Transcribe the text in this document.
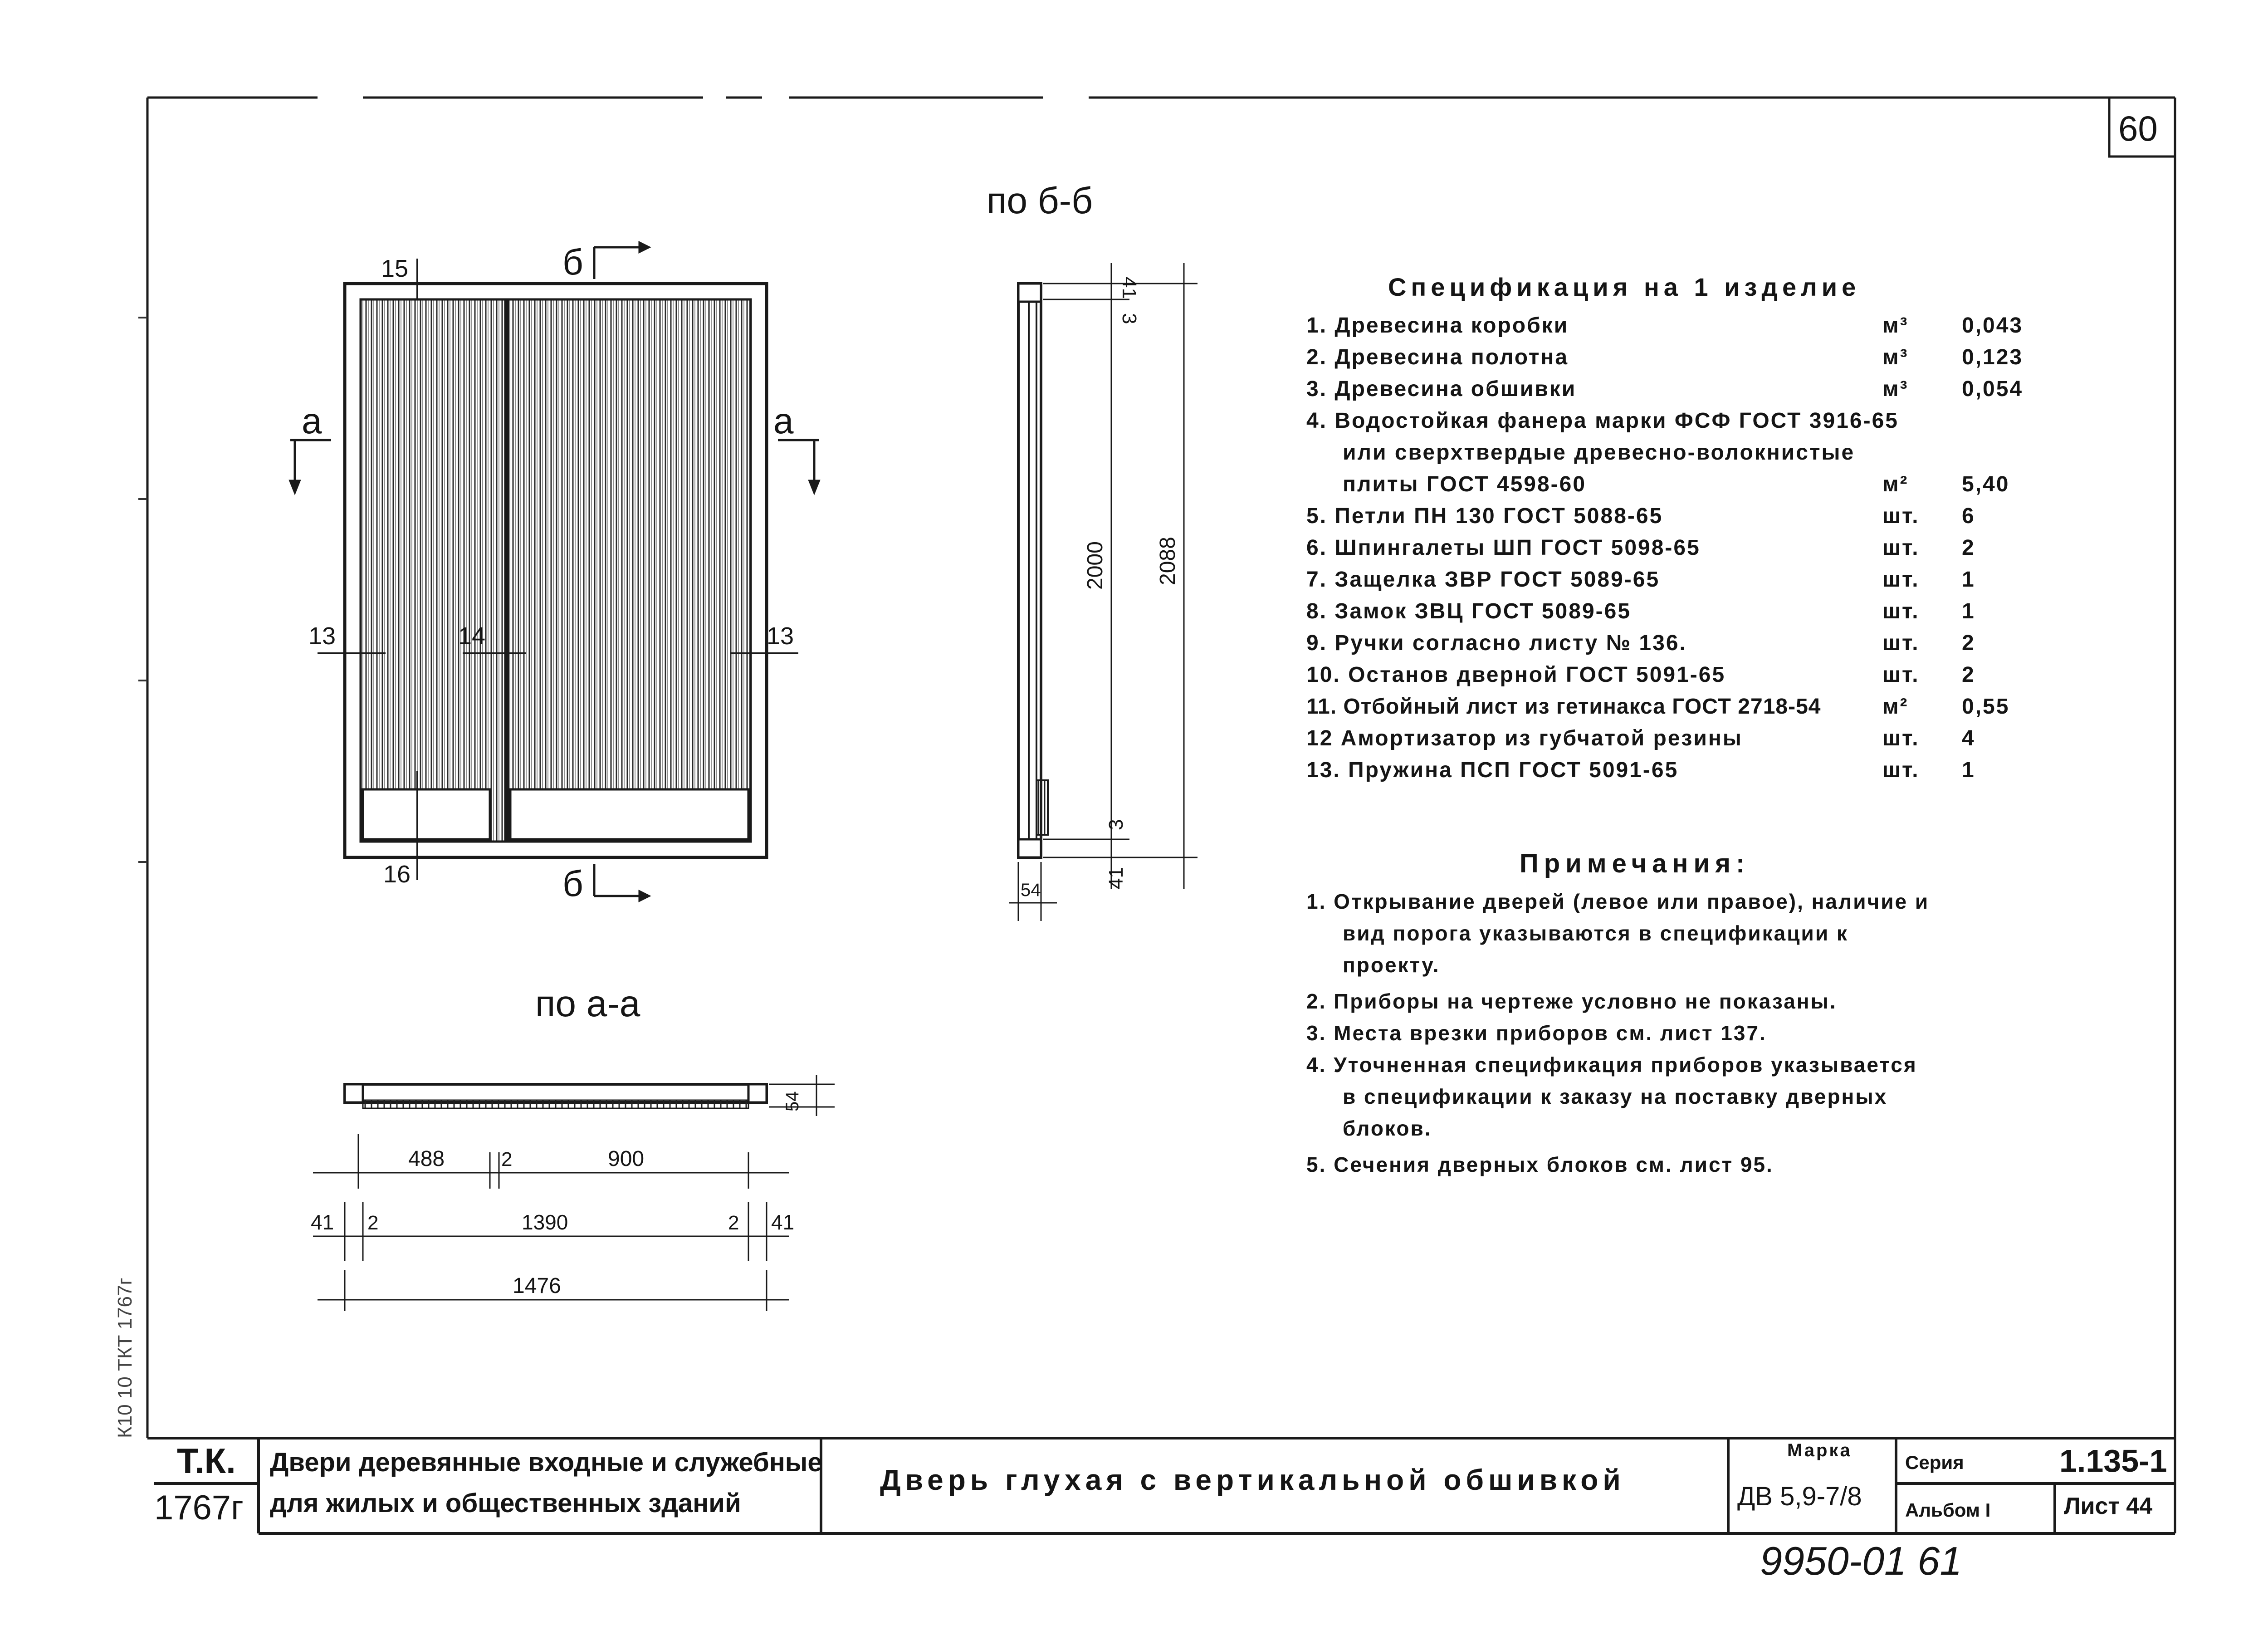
60
15
13	14	13
16
б
б
а	а
по б-б
41
3
2000 2088
3
41
54
по а-а
488	2	900
41 2	1390	2 41
1476
54
К10 10 ТКТ 1767г
Т.К.
1767г
Двери деревянные входные и служебные
для жилых и общественных зданий
Дверь глухая с вертикальной обшивкой
Марка
ДВ 5,9-7/8
Серия	1.135-1
Альбом I	Лист 44
9950-01 61
Спецификация на 1 изделие
1. Древесина коробки	м³ 0,043
2. Древесина полотна	м³ 0,123
3. Древесина обшивки	м³ 0,054
4. Водостойкая фанера марки ФСФ ГОСТ 3916-65
или сверхтвердые древесно-волокнистые
плиты ГОСТ 4598-60	м² 5,40
5. Петли ПН 130 ГОСТ 5088-65	шт. 6
6. Шпингалеты ШП ГОСТ 5098-65	шт. 2
7. Защелка ЗВР ГОСТ 5089-65	шт. 1
8. Замок ЗВЦ ГОСТ 5089-65	шт. 1
9. Ручки согласно листу № 136.	шт. 2
10. Останов дверной ГОСТ 5091-65	шт. 2
11. Отбойный лист из гетинакса ГОСТ 2718-54	м² 0,55
12 Амортизатор из губчатой резины	шт. 4
13. Пружина ПСП ГОСТ 5091-65	шт. 1
Примечания:
1. Открывание дверей (левое или правое), наличие и
вид порога указываются в спецификации к
проекту.
2. Приборы на чертеже условно не показаны.
3. Места врезки приборов см. лист 137.
4. Уточненная спецификация приборов указывается
в спецификации к заказу на поставку дверных
блоков.
5. Сечения дверных блоков см. лист 95.
